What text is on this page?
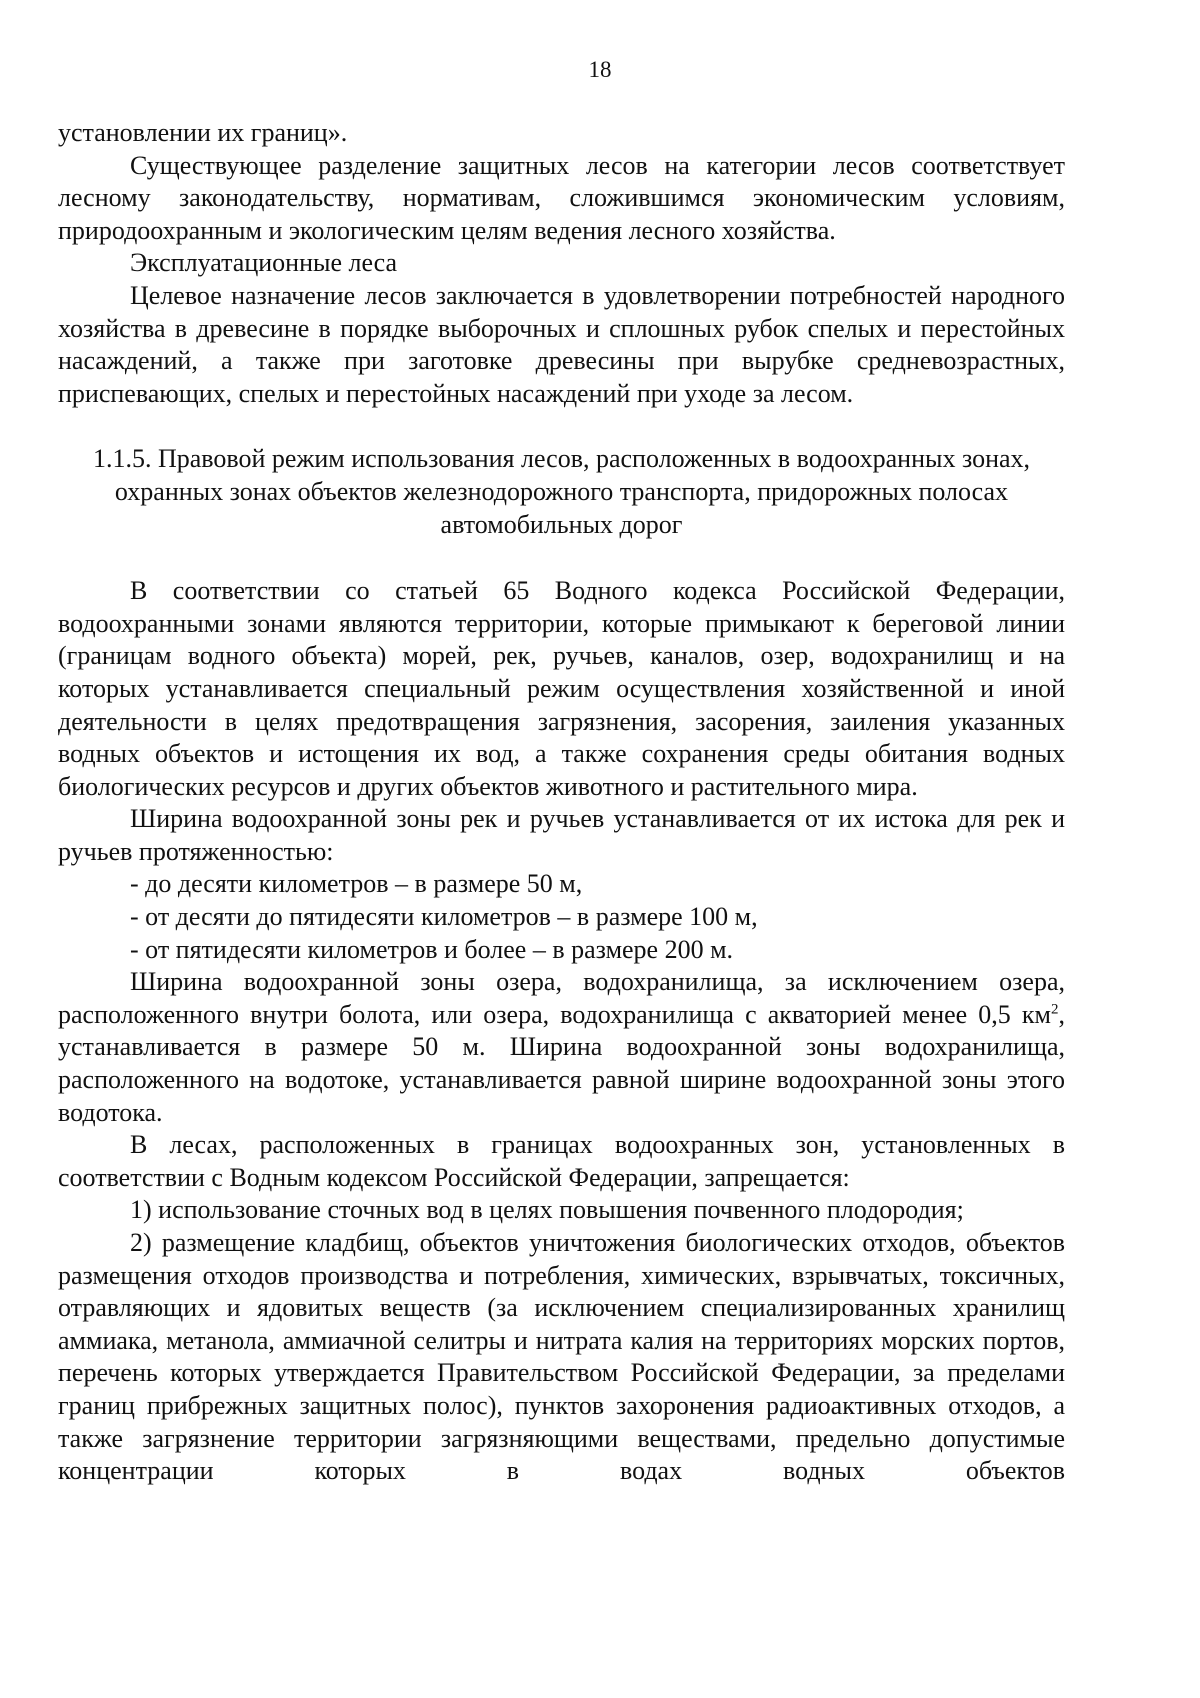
18

установлении их границ».

Существующее разделение защитных лесов на категории лесов соответствует лесному законодательству, нормативам, сложившимся экономическим условиям, природоохранным и экологическим целям ведения лесного хозяйства.

Эксплуатационные леса

Целевое назначение лесов заключается в удовлетворении потребностей народного хозяйства в древесине в порядке выборочных и сплошных рубок спелых и перестойных насаждений, а также при заготовке древесины при вырубке средневозрастных, приспевающих, спелых и перестойных насаждений при уходе за лесом.

1.1.5. Правовой режим использования лесов, расположенных в водоохранных зонах, охранных зонах объектов железнодорожного транспорта, придорожных полосах автомобильных дорог

В соответствии со статьей 65 Водного кодекса Российской Федерации, водоохранными зонами являются территории, которые примыкают к береговой линии (границам водного объекта) морей, рек, ручьев, каналов, озер, водохранилищ и на которых устанавливается специальный режим осуществления хозяйственной и иной деятельности в целях предотвращения загрязнения, засорения, заиления указанных водных объектов и истощения их вод, а также сохранения среды обитания водных биологических ресурсов и других объектов животного и растительного мира.

Ширина водоохранной зоны рек и ручьев устанавливается от их истока для рек и ручьев протяженностью:

- до десяти километров – в размере 50 м,

- от десяти до пятидесяти километров – в размере 100 м,

- от пятидесяти километров и более – в размере 200 м.

Ширина водоохранной зоны озера, водохранилища, за исключением озера, расположенного внутри болота, или озера, водохранилища с акваторией менее 0,5 $км^2$, устанавливается в размере 50 м. Ширина водоохранной зоны водохранилища, расположенного на водотоке, устанавливается равной ширине водоохранной зоны этого водотока.

В лесах, расположенных в границах водоохранных зон, установленных в соответствии с Водным кодексом Российской Федерации, запрещается:

1) использование сточных вод в целях повышения почвенного плодородия;

2) размещение кладбищ, объектов уничтожения биологических отходов, объектов размещения отходов производства и потребления, химических, взрывчатых, токсичных, отравляющих и ядовитых веществ (за исключением специализированных хранилищ аммиака, метанола, аммиачной селитры и нитрата калия на территориях морских портов, перечень которых утверждается Правительством Российской Федерации, за пределами границ прибрежных защитных полос), пунктов захоронения радиоактивных отходов, а также загрязнение территории загрязняющими веществами, предельно допустимые концентрации которых в водах водных объектов
